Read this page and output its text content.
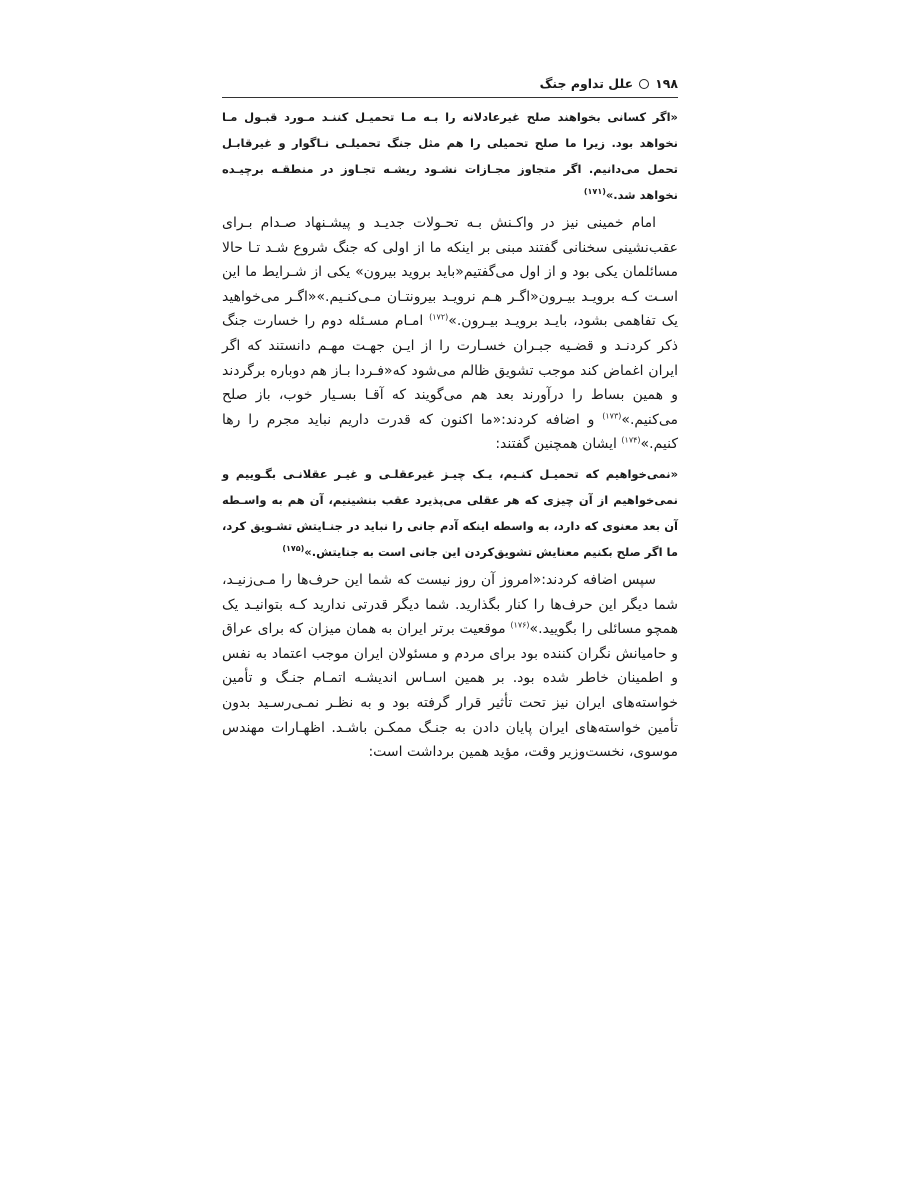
۱۹۸
علل تداوم جنگ

«اگر کسانی بخواهند صلح غیرعادلانه را بـه مـا تحمیـل کننـد مـورد قبـول مـا نخواهد بود. زیرا ما صلح تحمیلی را هم مثل جنگ تحمیلـی نـاگوار و غیرقابـل تحمل می‌دانیم. اگر متجاوز مجـازات نشـود ریشـه تجـاوز در منطقـه برچیـده نخواهد شد.»$^{(۱۷۱)}$

امام خمینی نیز در واکـنش بـه تحـولات جدیـد و پیشـنهاد صـدام بـرای عقب‌نشینی سخنانی گفتند مبنی بر اینکه ما از اولی که جنگ شروع شـد تـا حالا مسائلمان یکی بود و از اول می‌گفتیم«باید بروید بیرون» یکی از شـرایط ما این اسـت کـه برویـد بیـرون«اگـر هـم نرویـد بیرونتـان مـی‌کنـیم.»«اگـر می‌خواهید یک تفاهمی بشود، بایـد برویـد بیـرون.»$^{(۱۷۲)}$ امـام مسـئله دوم را خسارت جنگ ذکر کردنـد و قضـیه جبـران خسـارت را از ایـن جهـت مهـم دانستند که اگر ایران اغماض کند موجب تشویق ظالم می‌شود که«فـردا بـاز هم دوباره برگردند و همین بساط را درآورند بعد هم می‌گویند که آقـا بسـیار خوب، باز صلح می‌کنیم.»$^{(۱۷۳)}$ و اضافه کردند:«ما اکنون که قدرت داریم نباید مجرم را رها کنیم.»$^{(۱۷۴)}$ ایشان همچنین گفتند:

«نمی‌خواهیم که تحمیـل کنـیم، یـک چیـز غیرعقلـی و غیـر عقلانـی بگـوییم و نمی‌خواهیم از آن چیزی که هر عقلی می‌پذیرد عقب بنشینیم، آن هم به واسـطه آن بعد معنوی که دارد، به واسطه اینکه آدم جانی را نباید در جنـایتش تشـویق کرد، ما اگر صلح بکنیم معنایش تشویق‌کردن این جانی است به جنایتش.»$^{(۱۷۵)}$

سپس اضافه کردند:«امروز آن روز نیست که شما این حرف‌ها را مـی‌زنیـد، شما دیگر این حرف‌ها را کنار بگذارید. شما دیگر قدرتی ندارید کـه بتوانیـد یک همچو مسائلی را بگویید.»$^{(۱۷۶)}$ موقعیت برتر ایران به همان میزان که برای عراق و حامیانش نگران کننده بود برای مردم و مسئولان ایران موجب اعتماد به نفس و اطمینان خاطر شده بود. بر همین اسـاس اندیشـه اتمـام جنـگ و تأمین خواسته‌های ایران نیز تحت تأثیر قرار گرفته بود و به نظـر نمـی‌رسـید بدون تأمین خواسته‌های ایران پایان دادن به جنـگ ممکـن باشـد. اظهـارات مهندس موسوی، نخست‌وزیر وقت، مؤید همین برداشت است:
